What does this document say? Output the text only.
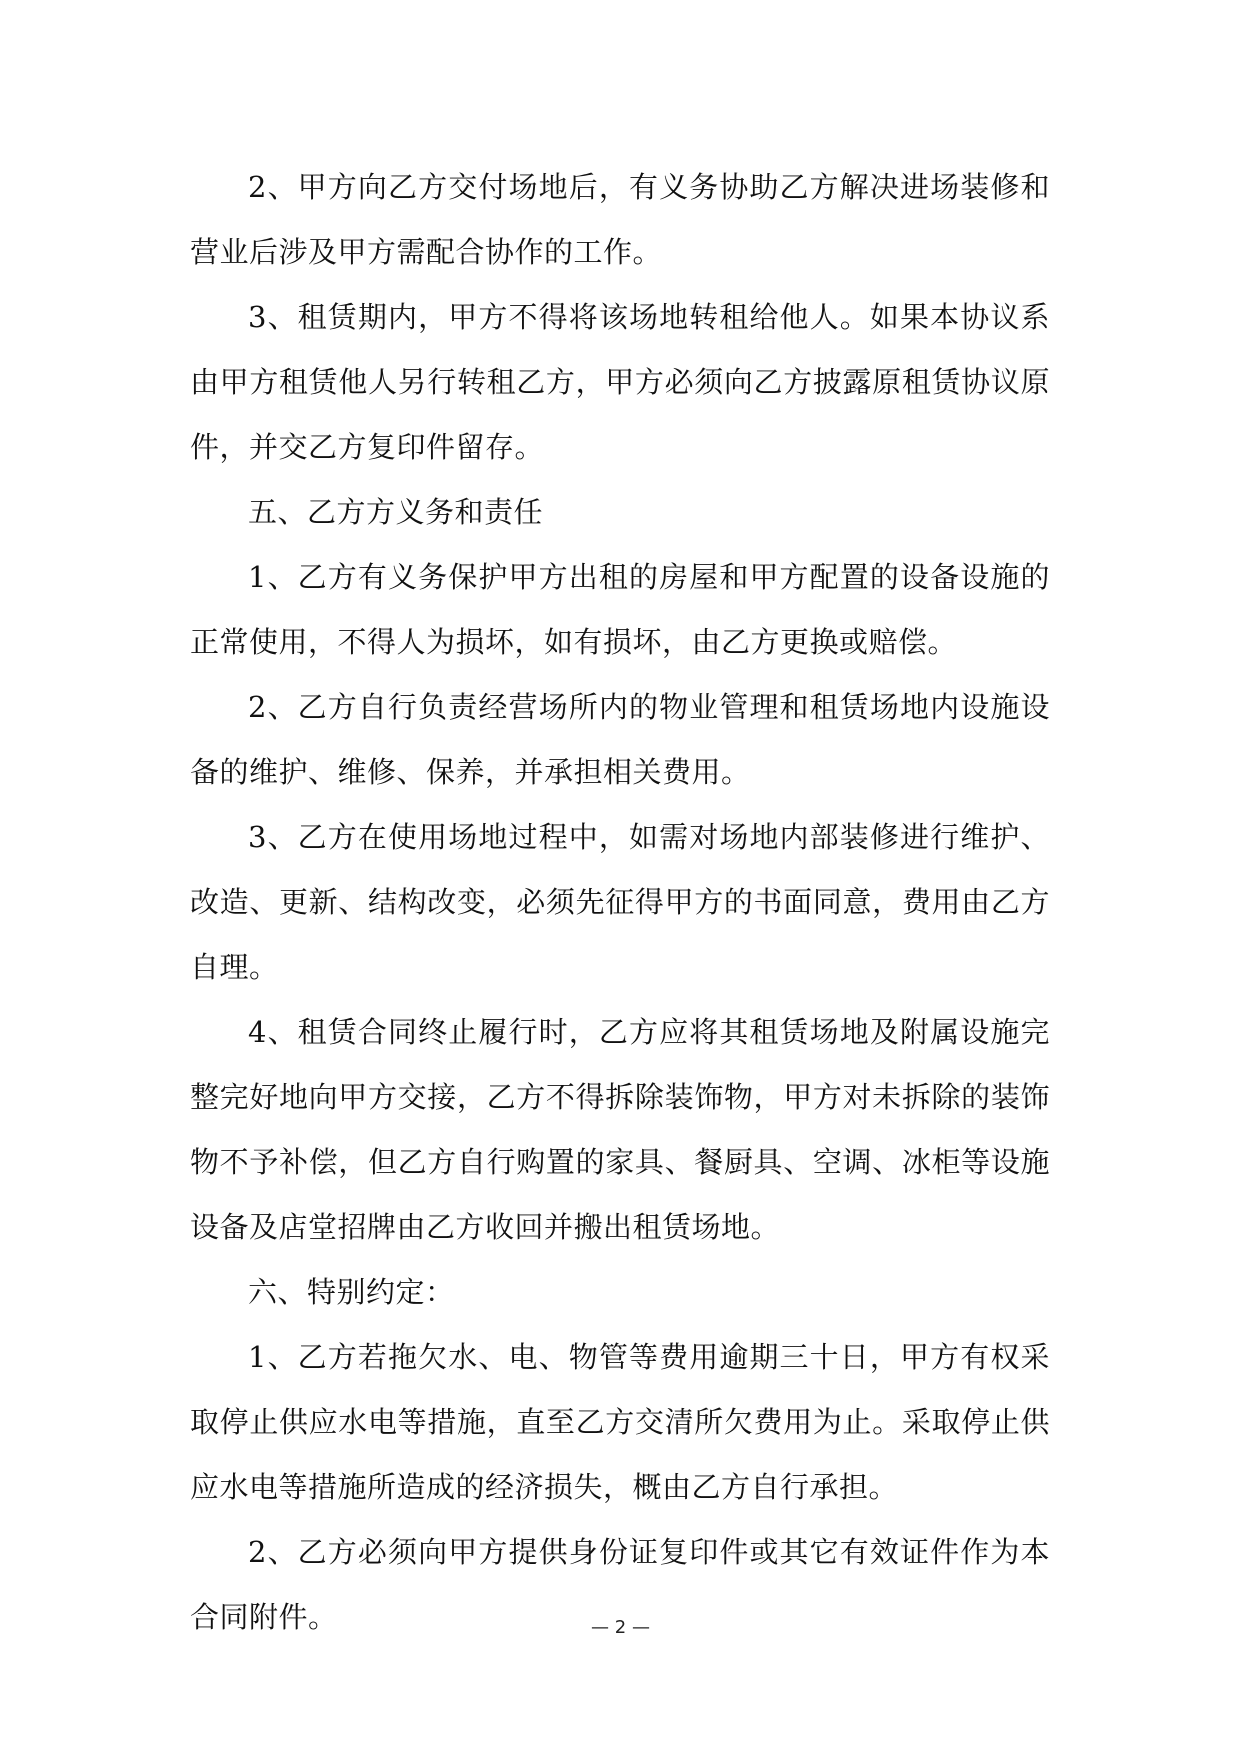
2、甲方向乙方交付场地后，有义务协助乙方解决进场装修和营业后涉及甲方需配合协作的工作。

3、租赁期内，甲方不得将该场地转租给他人。如果本协议系由甲方租赁他人另行转租乙方，甲方必须向乙方披露原租赁协议原件，并交乙方复印件留存。

五、乙方方义务和责任

1、乙方有义务保护甲方出租的房屋和甲方配置的设备设施的正常使用，不得人为损坏，如有损坏，由乙方更换或赔偿。

2、乙方自行负责经营场所内的物业管理和租赁场地内设施设备的维护、维修、保养，并承担相关费用。

3、乙方在使用场地过程中，如需对场地内部装修进行维护、改造、更新、结构改变，必须先征得甲方的书面同意，费用由乙方自理。

4、租赁合同终止履行时，乙方应将其租赁场地及附属设施完整完好地向甲方交接，乙方不得拆除装饰物，甲方对未拆除的装饰物不予补偿，但乙方自行购置的家具、餐厨具、空调、冰柜等设施设备及店堂招牌由乙方收回并搬出租赁场地。

六、特别约定：

1、乙方若拖欠水、电、物管等费用逾期三十日，甲方有权采取停止供应水电等措施，直至乙方交清所欠费用为止。采取停止供应水电等措施所造成的经济损失，概由乙方自行承担。

2、乙方必须向甲方提供身份证复印件或其它有效证件作为本合同附件。	— 2 —
